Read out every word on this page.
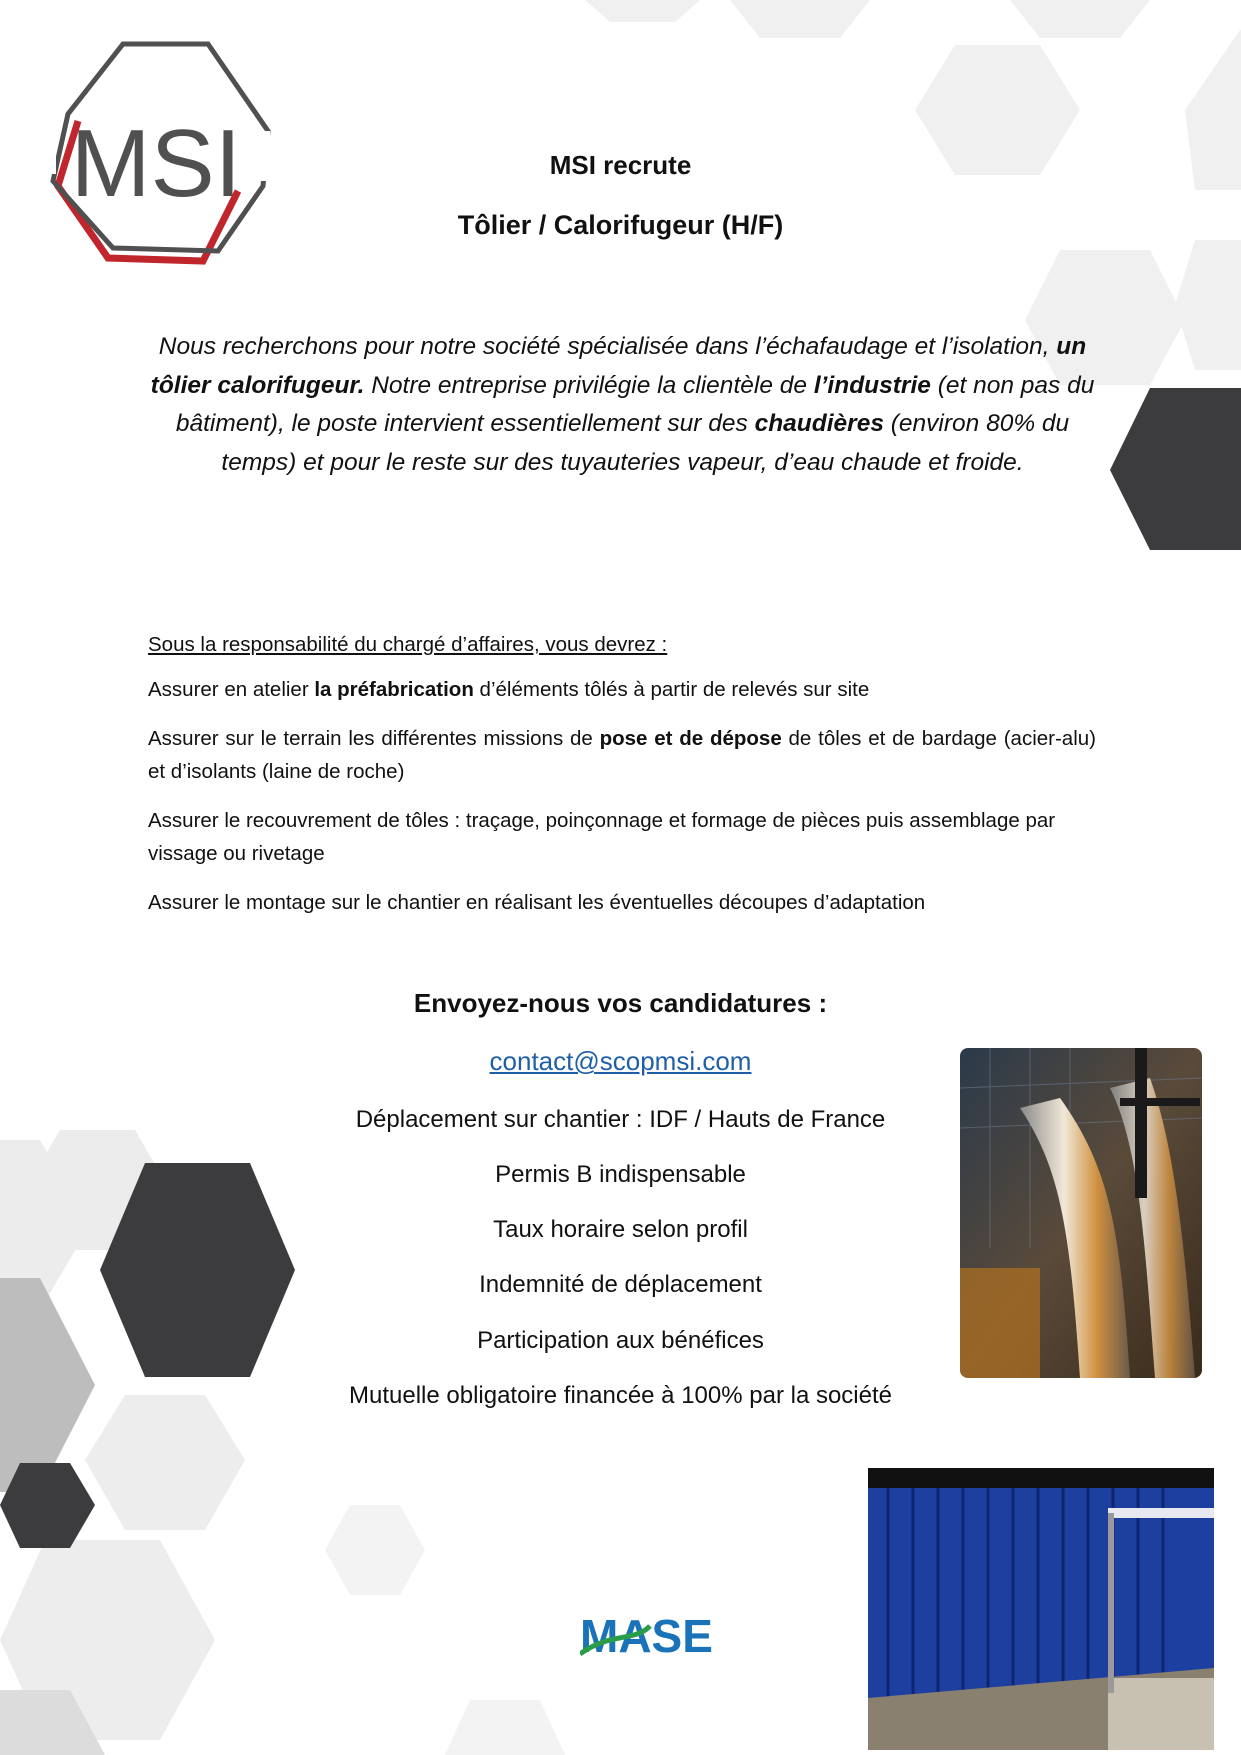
MSI	MSI recrute
Tôlier / Calorifugeur (H/F)
Nous recherchons pour notre société spécialisée dans l’échafaudage et l’isolation, un tôlier calorifugeur. Notre entreprise privilégie la clientèle de l’industrie (et non pas du bâtiment), le poste intervient essentiellement sur des chaudières (environ 80% du temps) et pour le reste sur des tuyauteries vapeur, d’eau chaude et froide.

Sous la responsabilité du chargé d’affaires, vous devrez :

Assurer en atelier la préfabrication d’éléments tôlés à partir de relevés sur site

Assurer sur le terrain les différentes missions de pose et de dépose de tôles et de bardage (acier-alu) et d’isolants (laine de roche)

Assurer le recouvrement de tôles : traçage, poinçonnage et formage de pièces puis assemblage par vissage ou rivetage

Assurer le montage sur le chantier en réalisant les éventuelles découpes d’adaptation

Envoyez-nous vos candidatures :
contact@scopmsi.com
Déplacement sur chantier : IDF / Hauts de France
Permis B indispensable
Taux horaire selon profil
Indemnité de déplacement
Participation aux bénéfices
Mutuelle obligatoire financée à 100% par la société
MASE
